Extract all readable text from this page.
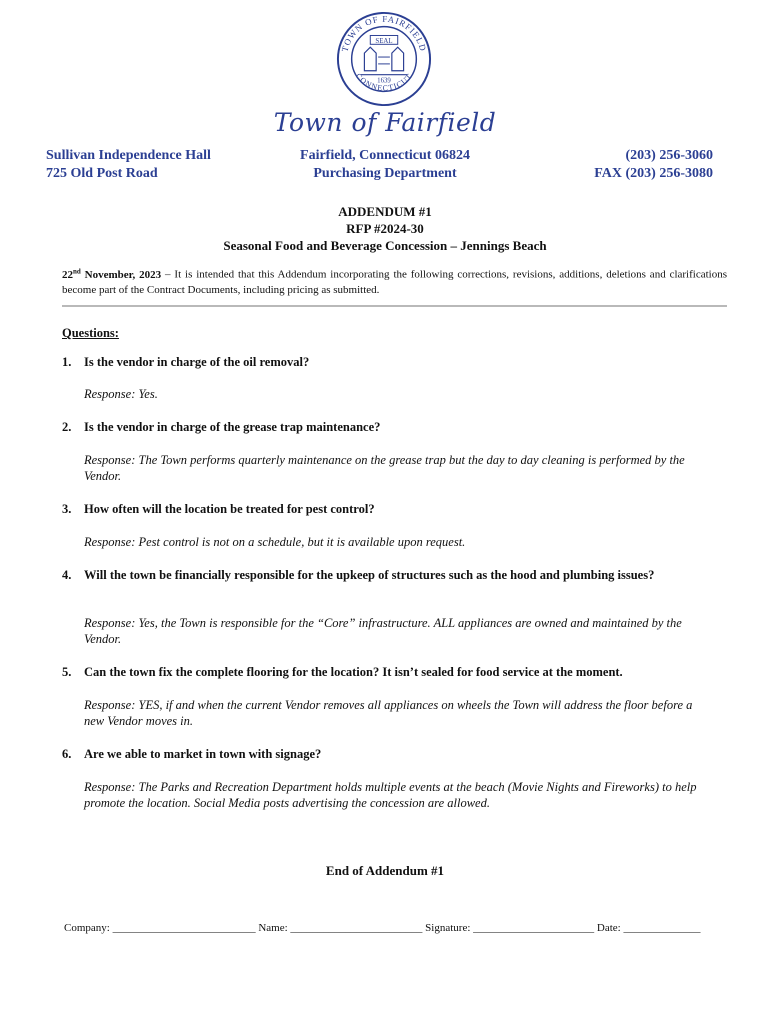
TOWN OF FAIRFIELD
CONNECTICUT
SEAL
1639
Town of Fairfield
Sullivan Independence Hall
725 Old Post Road
Fairfield, Connecticut 06824
Purchasing Department
(203) 256-3060
FAX (203) 256-3080
ADDENDUM #1
RFP #2024-30
Seasonal Food and Beverage Concession – Jennings Beach
22nd November, 2023 – It is intended that this Addendum incorporating the following corrections, revisions, additions, deletions and clarifications become part of the Contract Documents, including pricing as submitted.
Questions:
1. Is the vendor in charge of the oil removal?
Response: Yes.
2. Is the vendor in charge of the grease trap maintenance?
Response: The Town performs quarterly maintenance on the grease trap but the day to day cleaning is performed by the Vendor.
3. How often will the location be treated for pest control?
Response: Pest control is not on a schedule, but it is available upon request.
4. Will the town be financially responsible for the upkeep of structures such as the hood and plumbing issues?
Response: Yes, the Town is responsible for the “Core” infrastructure. ALL appliances are owned and maintained by the Vendor.
5. Can the town fix the complete flooring for the location? It isn’t sealed for food service at the moment.
Response: YES, if and when the current Vendor removes all appliances on wheels the Town will address the floor before a new Vendor moves in.
6. Are we able to market in town with signage?
Response: The Parks and Recreation Department holds multiple events at the beach (Movie Nights and Fireworks) to help promote the location. Social Media posts advertising the concession are allowed.
End of Addendum #1
Company: __________________________ Name: ________________________ Signature: ______________________ Date: ______________
